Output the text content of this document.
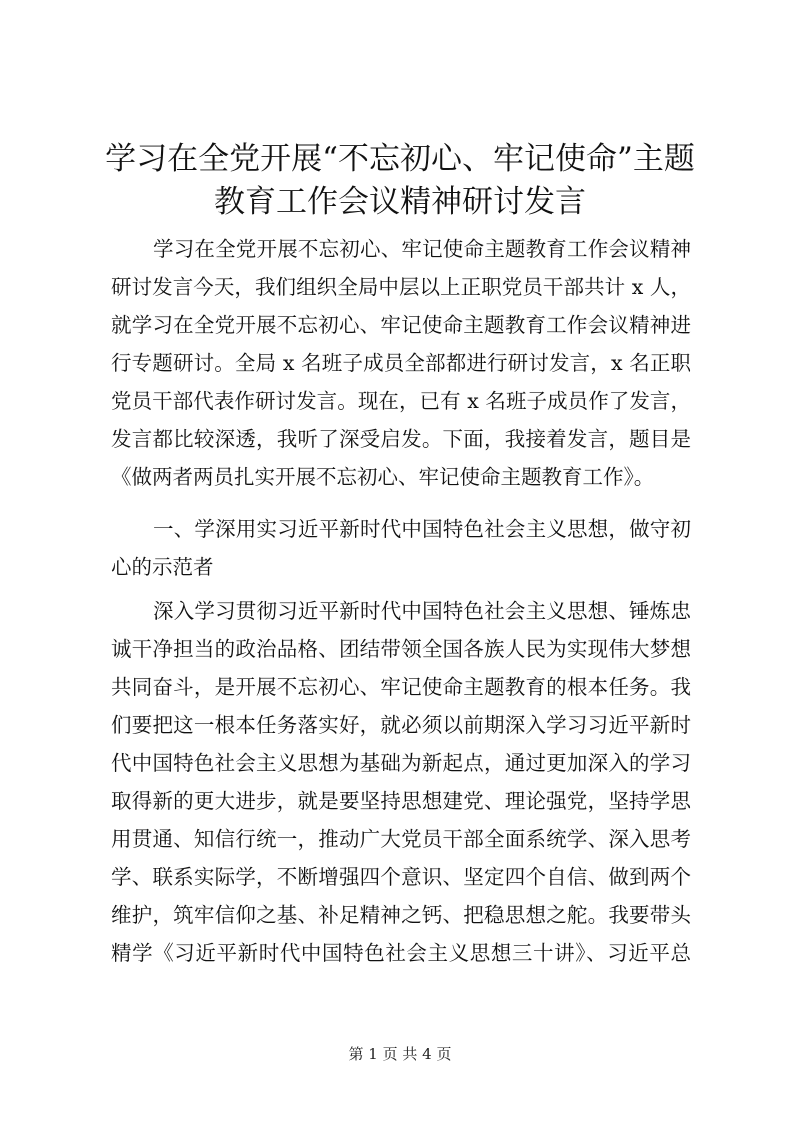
学习在全党开展“不忘初心、牢记使命”主题
教育工作会议精神研讨发言

学习在全党开展不忘初心、牢记使命主题教育工作会议精神

研讨发言今天，我们组织全局中层以上正职党员干部共计 x 人，

就学习在全党开展不忘初心、牢记使命主题教育工作会议精神进

行专题研讨。全局 x 名班子成员全部都进行研讨发言，x 名正职

党员干部代表作研讨发言。现在，已有 x 名班子成员作了发言，

发言都比较深透，我听了深受启发。下面，我接着发言，题目是

《做两者两员扎实开展不忘初心、牢记使命主题教育工作》。

一、学深用实习近平新时代中国特色社会主义思想，做守初

心的示范者

深入学习贯彻习近平新时代中国特色社会主义思想、锤炼忠

诚干净担当的政治品格、团结带领全国各族人民为实现伟大梦想

共同奋斗，是开展不忘初心、牢记使命主题教育的根本任务。我

们要把这一根本任务落实好，就必须以前期深入学习习近平新时

代中国特色社会主义思想为基础为新起点，通过更加深入的学习

取得新的更大进步，就是要坚持思想建党、理论强党，坚持学思

用贯通、知信行统一，推动广大党员干部全面系统学、深入思考

学、联系实际学，不断增强四个意识、坚定四个自信、做到两个

维护，筑牢信仰之基、补足精神之钙、把稳思想之舵。我要带头

精学《习近平新时代中国特色社会主义思想三十讲》、习近平总

第 1 页 共 4 页
